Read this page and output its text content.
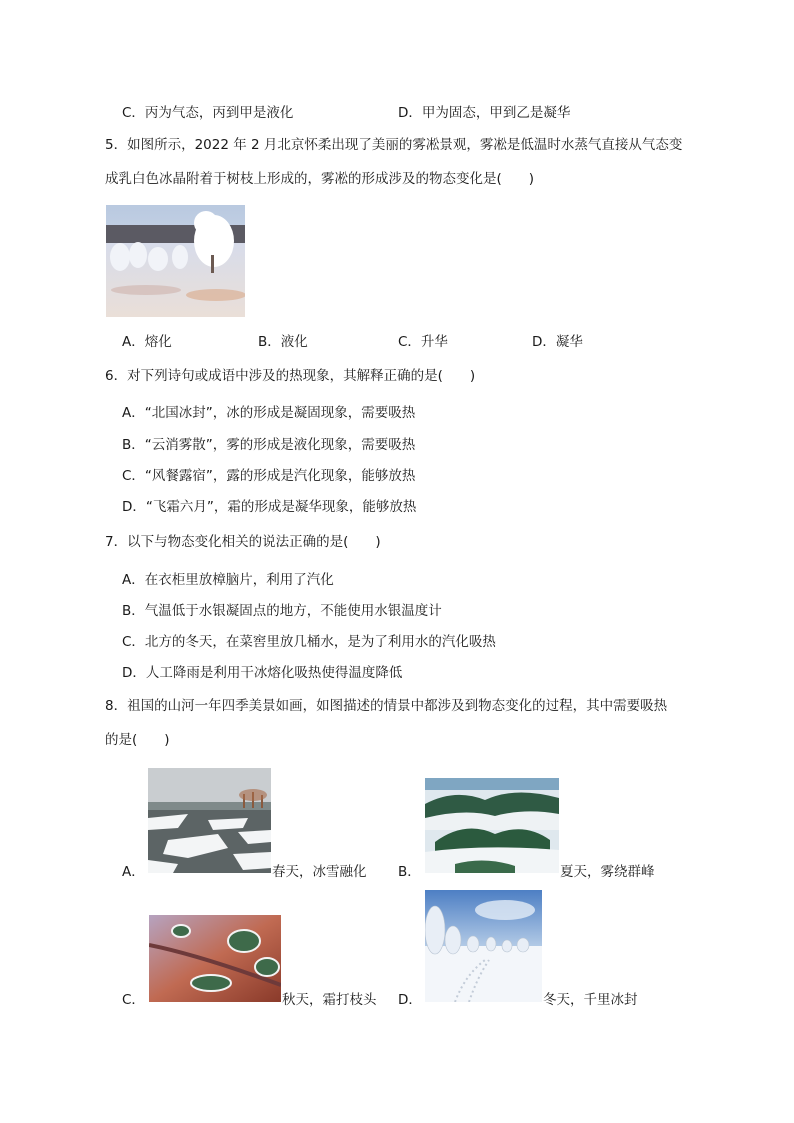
C．丙为气态，丙到甲是液化	D．甲为固态，甲到乙是凝华
5．如图所示，2022 年 2 月北京怀柔出现了美丽的雾凇景观，雾凇是低温时水蒸气直接从气态变
成乳白色冰晶附着于树枝上形成的，雾凇的形成涉及的物态变化是(　　)
A．熔化	B．液化	C．升华	D．凝华
6．对下列诗句或成语中涉及的热现象，其解释正确的是(　　)
A．“北国冰封”，冰的形成是凝固现象，需要吸热
B．“云消雾散”，雾的形成是液化现象，需要吸热
C．“风餐露宿”，露的形成是汽化现象，能够放热
D．“飞霜六月”，霜的形成是凝华现象，能够放热
7．以下与物态变化相关的说法正确的是(　　)
A．在衣柜里放樟脑片，利用了汽化
B．气温低于水银凝固点的地方，不能使用水银温度计
C．北方的冬天，在菜窖里放几桶水，是为了利用水的汽化吸热
D．人工降雨是利用干冰熔化吸热使得温度降低
8．祖国的山河一年四季美景如画，如图描述的情景中都涉及到物态变化的过程，其中需要吸热
的是(　　)
A．	春天，冰雪融化 B．	夏天，雾绕群峰
C．	秋天，霜打枝头 D．	冬天，千里冰封
